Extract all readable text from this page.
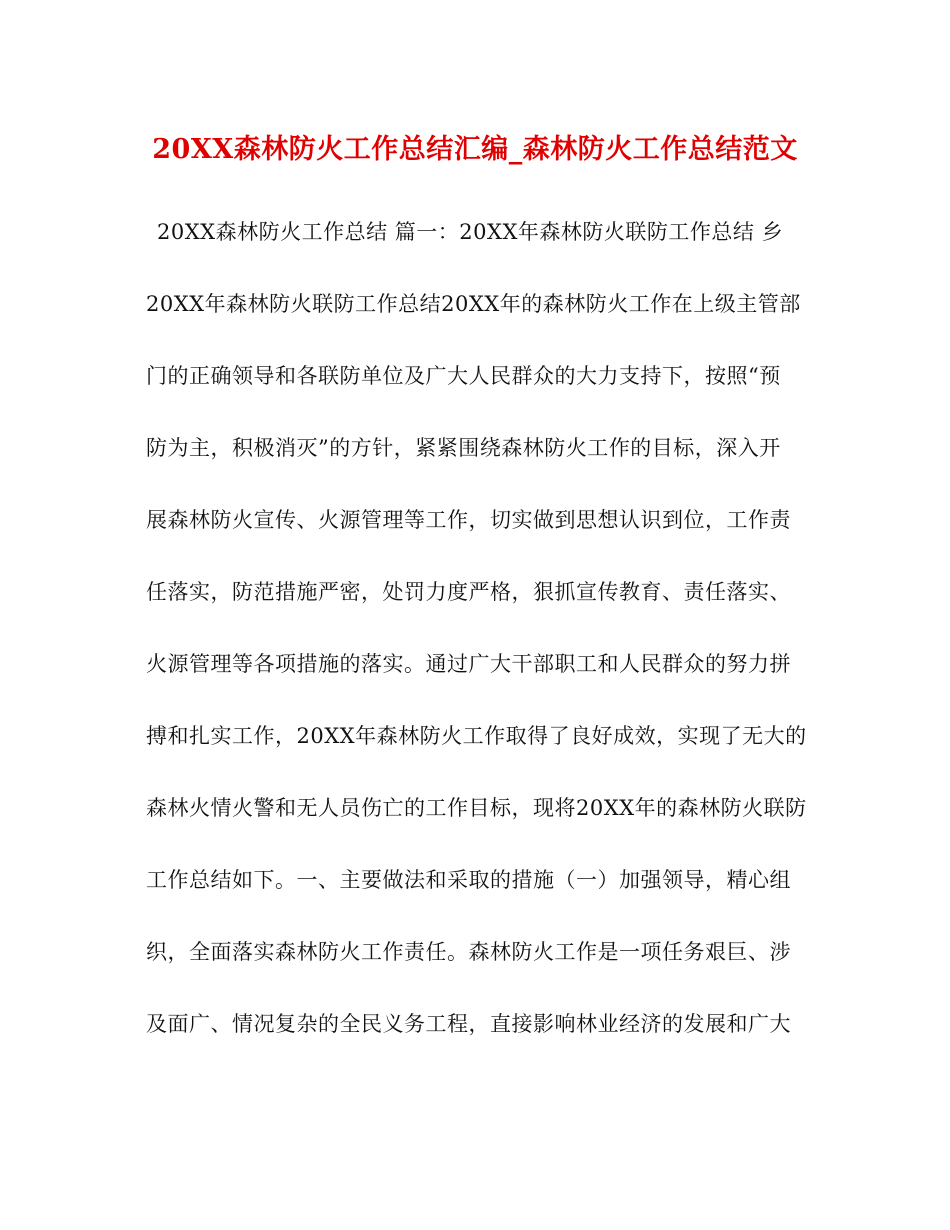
20XX森林防火工作总结汇编_森林防火工作总结范文
20XX森林防火工作总结 篇一：20XX年森林防火联防工作总结 乡
20XX年森林防火联防工作总结20XX年的森林防火工作在上级主管部
门的正确领导和各联防单位及广大人民群众的大力支持下，按照“预
防为主，积极消灭”的方针，紧紧围绕森林防火工作的目标，深入开
展森林防火宣传、火源管理等工作，切实做到思想认识到位，工作责
任落实，防范措施严密，处罚力度严格，狠抓宣传教育、责任落实、
火源管理等各项措施的落实。通过广大干部职工和人民群众的努力拼
搏和扎实工作，20XX年森林防火工作取得了良好成效，实现了无大的
森林火情火警和无人员伤亡的工作目标，现将20XX年的森林防火联防
工作总结如下。一、主要做法和采取的措施（一）加强领导，精心组
织，全面落实森林防火工作责任。森林防火工作是一项任务艰巨、涉
及面广、情况复杂的全民义务工程，直接影响林业经济的发展和广大
